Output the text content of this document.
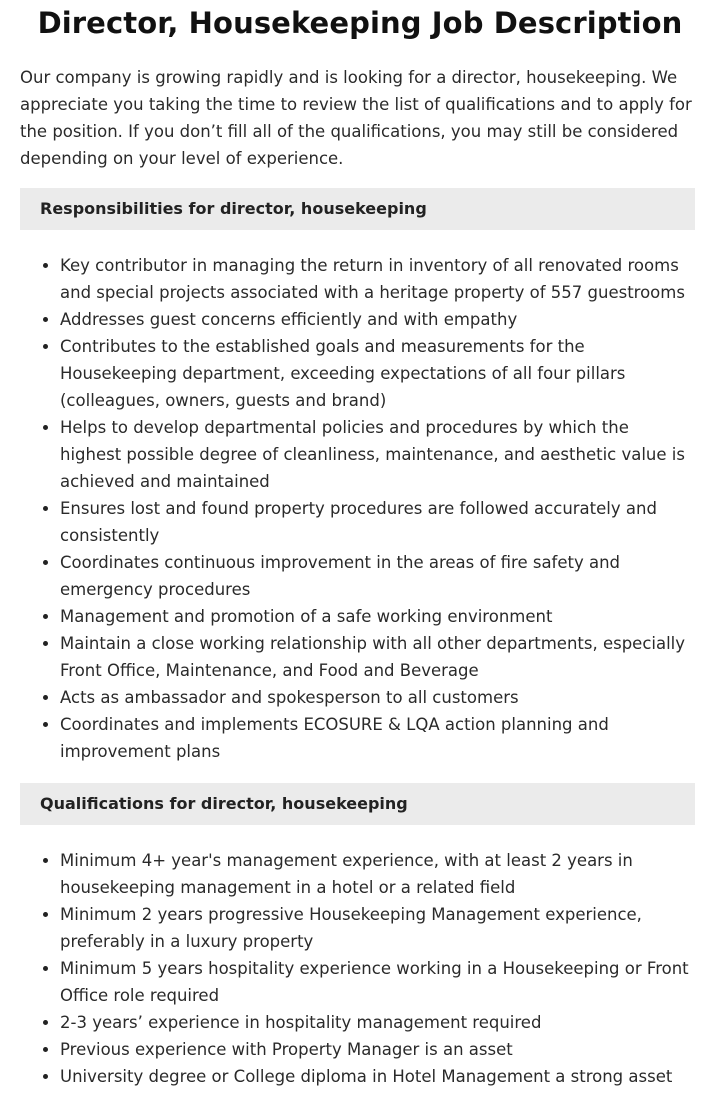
Director, Housekeeping Job Description

Our company is growing rapidly and is looking for a director, housekeeping. We appreciate you taking the time to review the list of qualifications and to apply for the position. If you don’t fill all of the qualifications, you may still be considered depending on your level of experience.

Responsibilities for director, housekeeping
Key contributor in managing the return in inventory of all renovated rooms and special projects associated with a heritage property of 557 guestrooms
Addresses guest concerns efficiently and with empathy
Contributes to the established goals and measurements for the Housekeeping department, exceeding expectations of all four pillars (colleagues, owners, guests and brand)
Helps to develop departmental policies and procedures by which the highest possible degree of cleanliness, maintenance, and aesthetic value is achieved and maintained
Ensures lost and found property procedures are followed accurately and consistently
Coordinates continuous improvement in the areas of fire safety and emergency procedures
Management and promotion of a safe working environment
Maintain a close working relationship with all other departments, especially Front Office, Maintenance, and Food and Beverage
Acts as ambassador and spokesperson to all customers
Coordinates and implements ECOSURE & LQA action planning and improvement plans
Qualifications for director, housekeeping
Minimum 4+ year's management experience, with at least 2 years in housekeeping management in a hotel or a related field
Minimum 2 years progressive Housekeeping Management experience, preferably in a luxury property
Minimum 5 years hospitality experience working in a Housekeeping or Front Office role required
2-3 years’ experience in hospitality management required
Previous experience with Property Manager is an asset
University degree or College diploma in Hotel Management a strong asset
